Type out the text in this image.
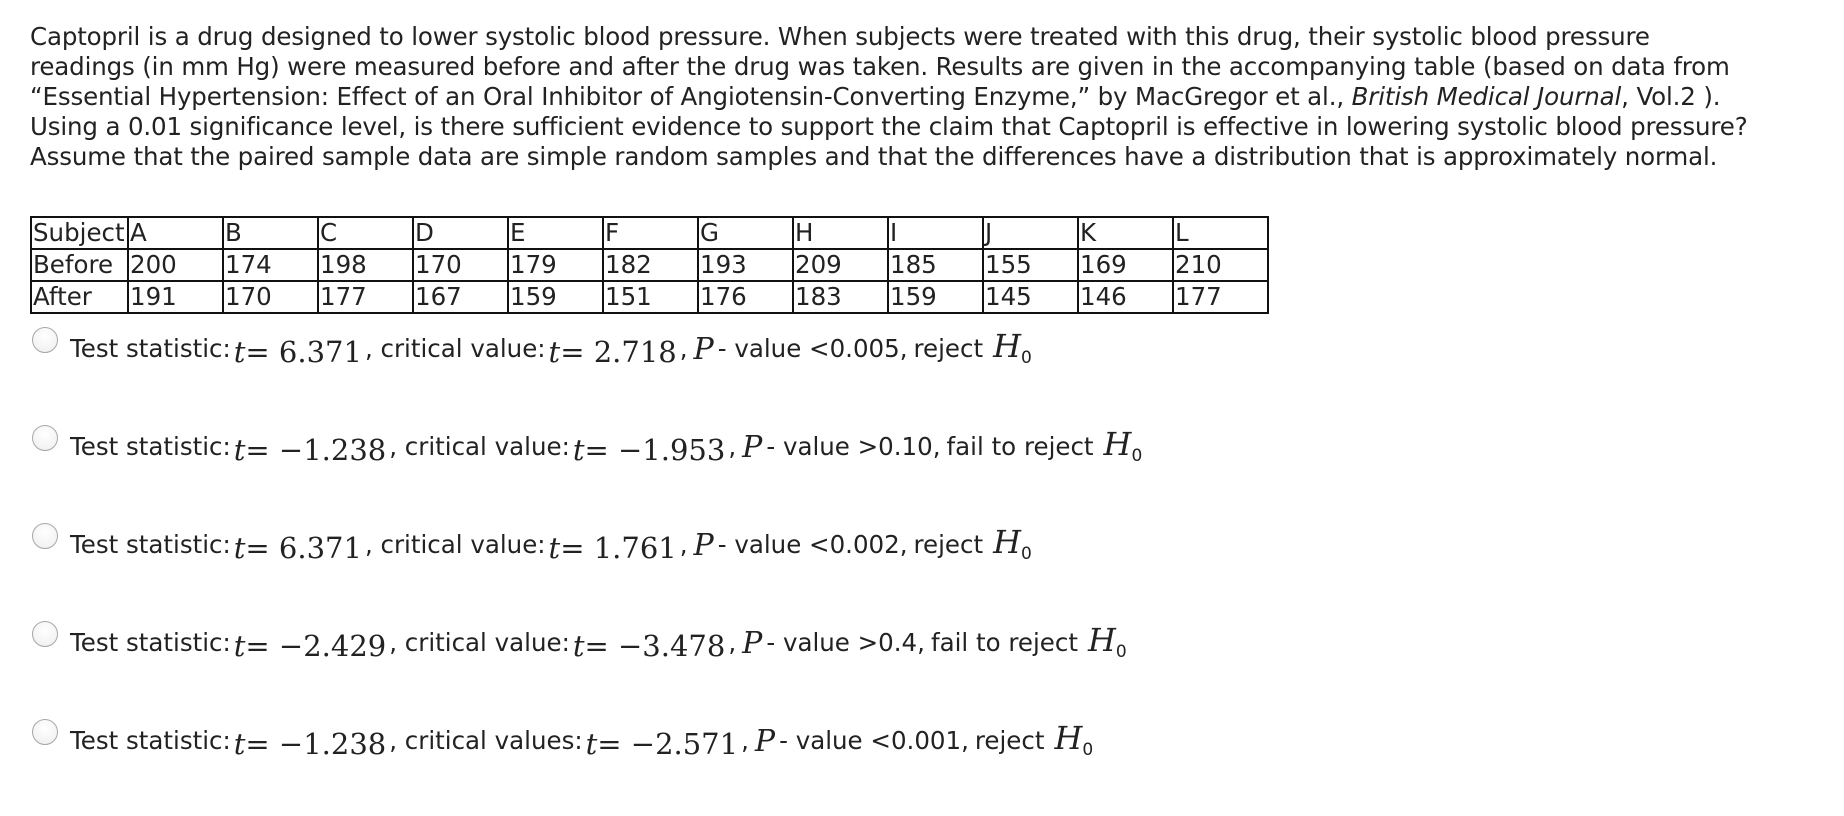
Captopril is a drug designed to lower systolic blood pressure. When subjects were treated with this drug, their systolic blood pressure

readings (in mm Hg) were measured before and after the drug was taken. Results are given in the accompanying table (based on data from

“Essential Hypertension: Effect of an Oral Inhibitor of Angiotensin-Converting Enzyme,” by MacGregor et al., British Medical Journal, Vol.2 ).

Using a 0.01 significance level, is there sufficient evidence to support the claim that Captopril is effective in lowering systolic blood pressure?

Assume that the paired sample data are simple random samples and that the differences have a distribution that is approximately normal.

Subject	A	B	C	D	E	F	G	H	I	J	K	L
Before	200	174	198	170	179	182	193	209	185	155	169	210
After	191	170	177	167	159	151	176	183	159	145	146	177
Test statistic: t= 6.371 , critical value: t= 2.718 , P - value <0.005, reject $H_0$
Test statistic: t= −1.238 , critical value: t= −1.953 , P - value >0.10, fail to reject $H_0$
Test statistic: t= 6.371 , critical value: t= 1.761 , P - value <0.002, reject $H_0$
Test statistic: t= −2.429 , critical value: t= −3.478 , P - value >0.4, fail to reject $H_0$
Test statistic: t= −1.238 , critical values: t= −2.571 , P - value <0.001, reject $H_0$
